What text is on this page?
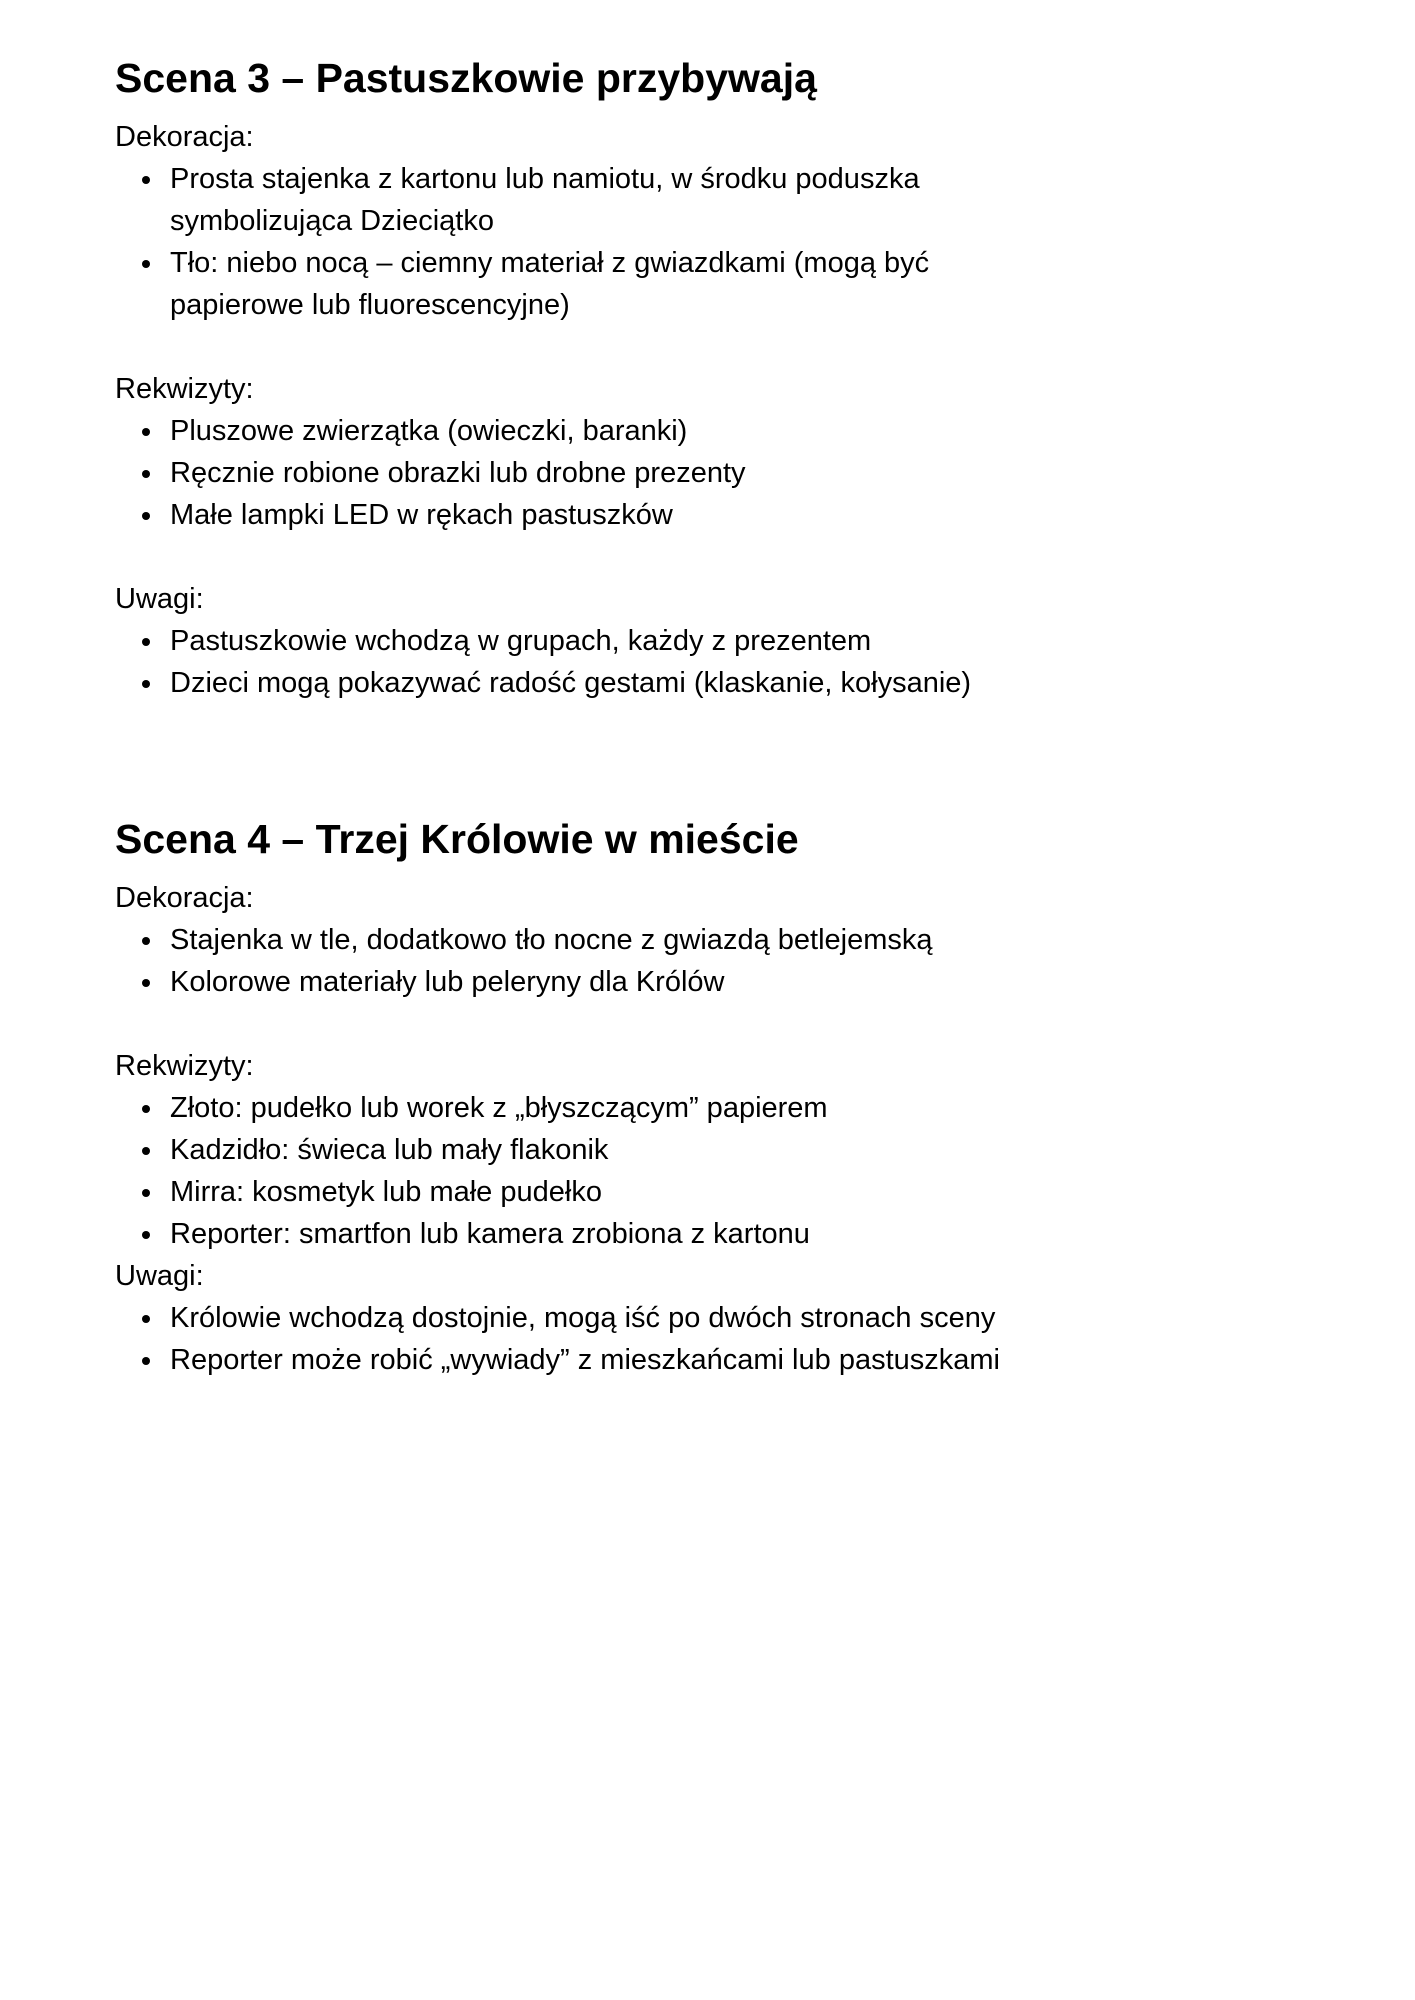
Scena 3 – Pastuszkowie przybywają

Dekoracja:

• Prosta stajenka z kartonu lub namiotu, w środku poduszka symbolizująca Dzieciątko
• Tło: niebo nocą – ciemny materiał z gwiazdkami (mogą być papierowe lub fluorescencyjne)

Rekwizyty:

• Pluszowe zwierzątka (owieczki, baranki)
• Ręcznie robione obrazki lub drobne prezenty
• Małe lampki LED w rękach pastuszków

Uwagi:

• Pastuszkowie wchodzą w grupach, każdy z prezentem
• Dzieci mogą pokazywać radość gestami (klaskanie, kołysanie)
Scena 4 – Trzej Królowie w mieście

Dekoracja:

• Stajenka w tle, dodatkowo tło nocne z gwiazdą betlejemską
• Kolorowe materiały lub peleryny dla Królów

Rekwizyty:

• Złoto: pudełko lub worek z „błyszczącym” papierem
• Kadzidło: świeca lub mały flakonik
• Mirra: kosmetyk lub małe pudełko
• Reporter: smartfon lub kamera zrobiona z kartonu

Uwagi:

• Królowie wchodzą dostojnie, mogą iść po dwóch stronach sceny
• Reporter może robić „wywiady” z mieszkańcami lub pastuszkami
